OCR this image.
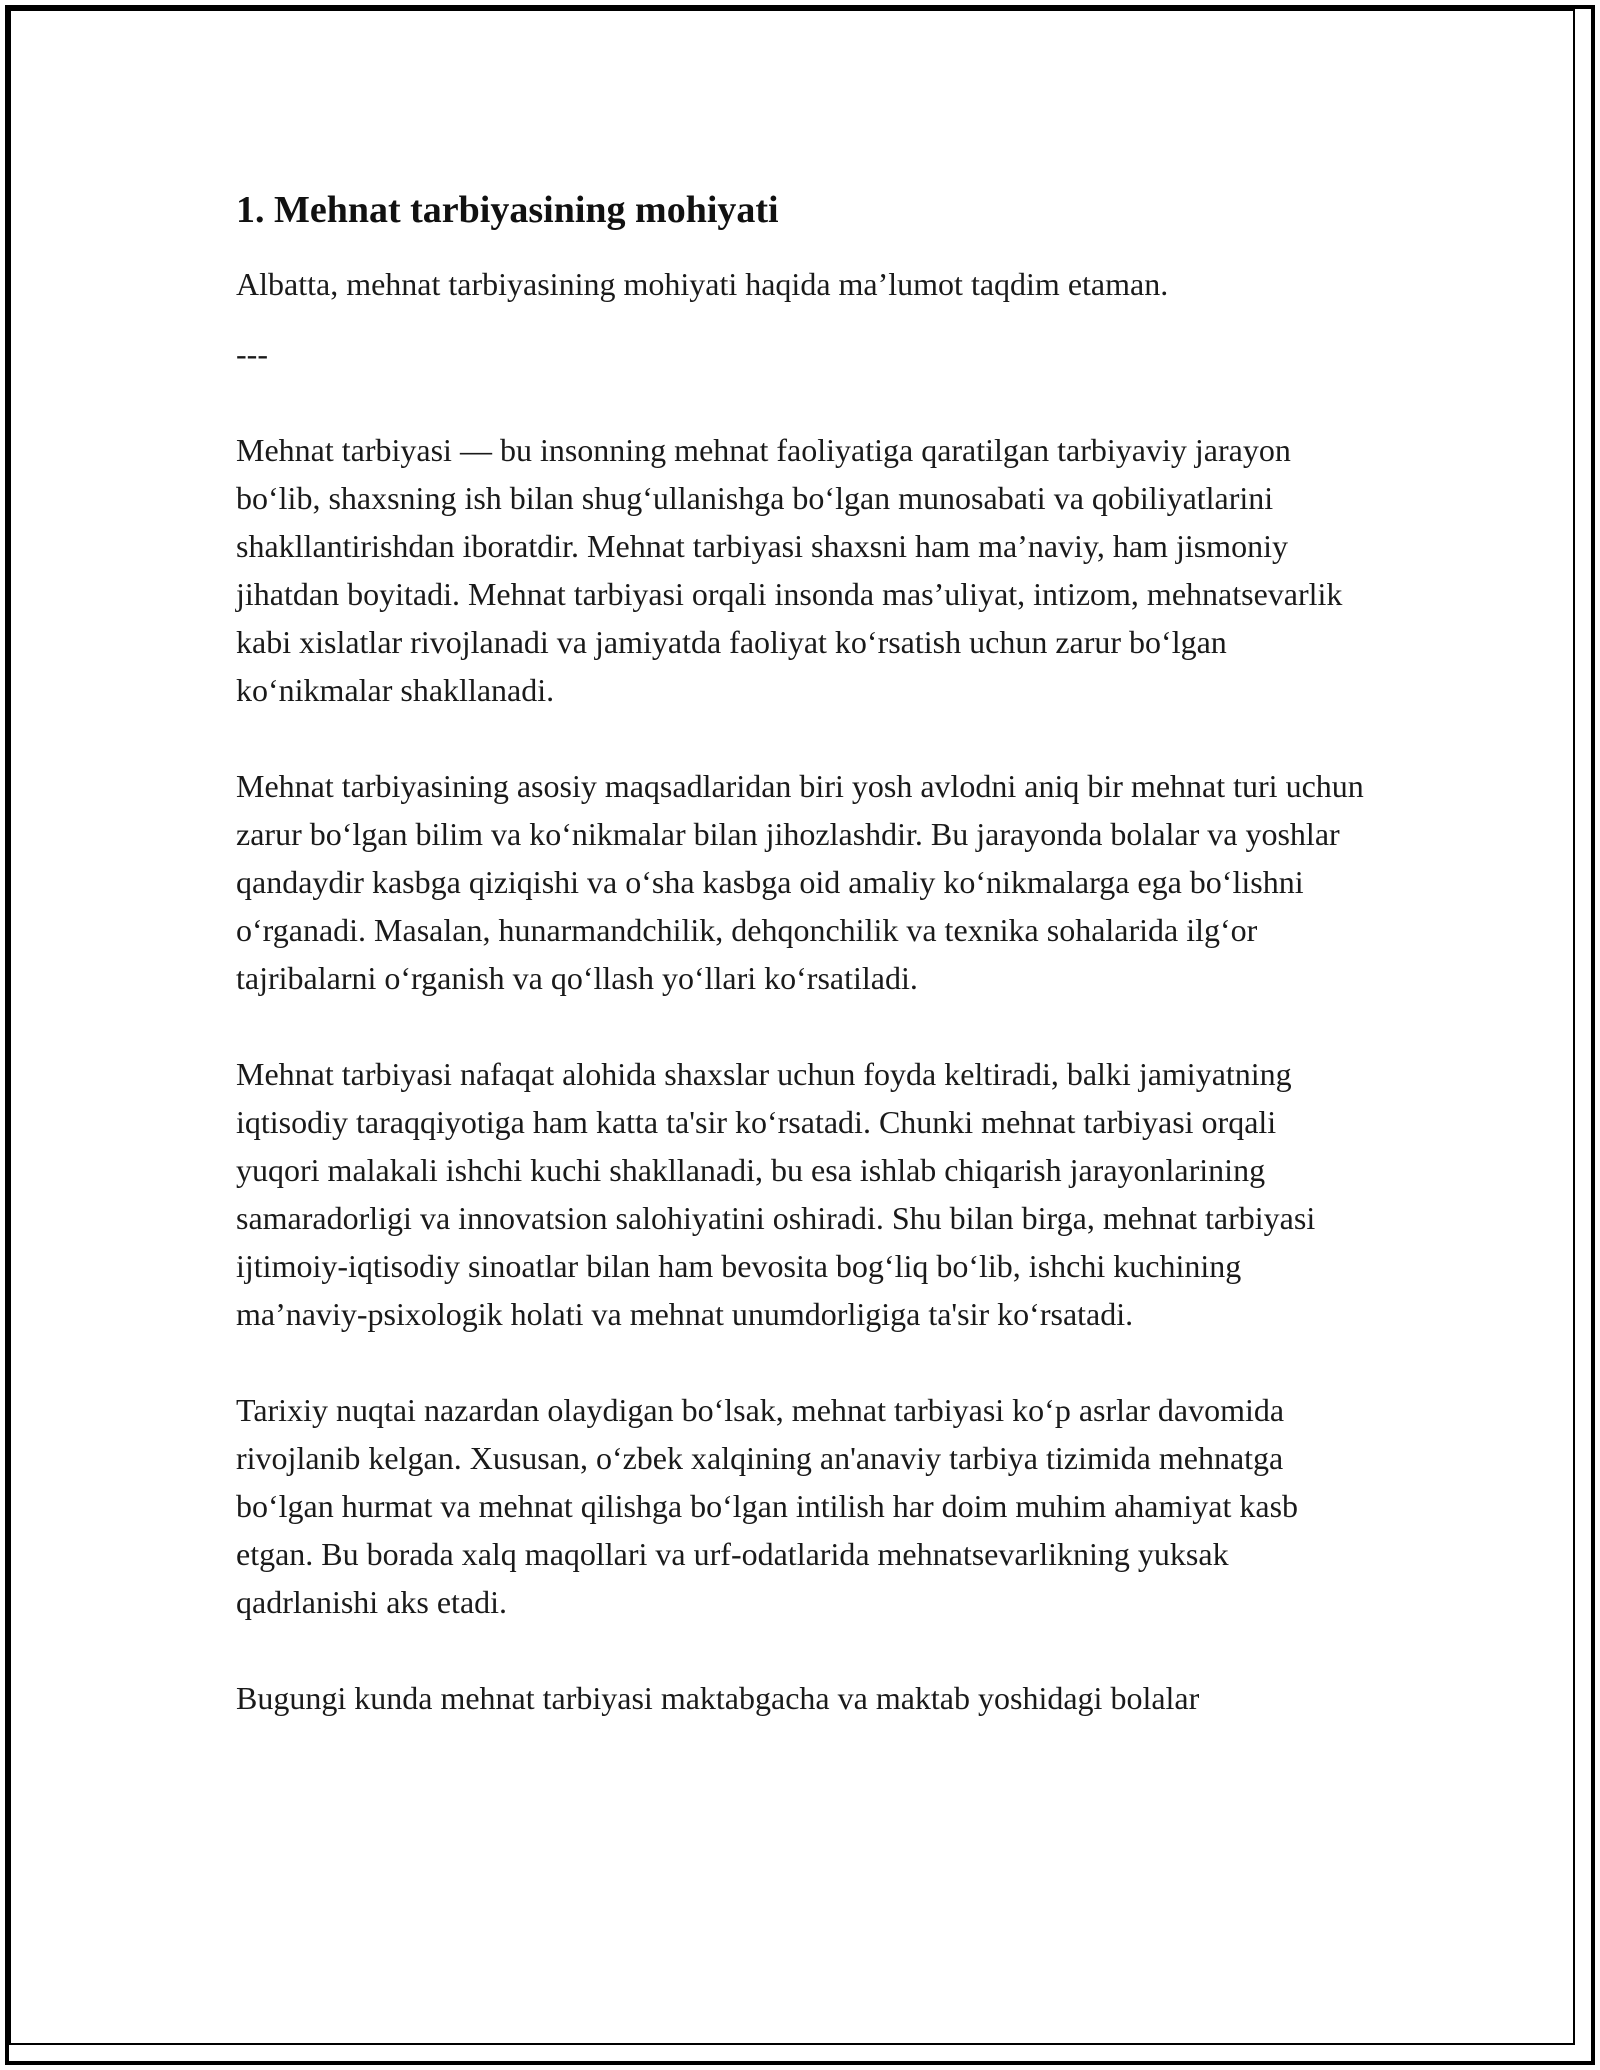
1. Mehnat tarbiyasining mohiyati

Albatta, mehnat tarbiyasining mohiyati haqida ma’lumot taqdim etaman.

---

Mehnat tarbiyasi — bu insonning mehnat faoliyatiga qaratilgan tarbiyaviy jarayon bo‘lib, shaxsning ish bilan shug‘ullanishga bo‘lgan munosabati va qobiliyatlarini shakllantirishdan iboratdir. Mehnat tarbiyasi shaxsni ham ma’naviy, ham jismoniy jihatdan boyitadi. Mehnat tarbiyasi orqali insonda mas’uliyat, intizom, mehnatsevarlik kabi xislatlar rivojlanadi va jamiyatda faoliyat ko‘rsatish uchun zarur bo‘lgan ko‘nikmalar shakllanadi.

Mehnat tarbiyasining asosiy maqsadlaridan biri yosh avlodni aniq bir mehnat turi uchun zarur bo‘lgan bilim va ko‘nikmalar bilan jihozlashdir. Bu jarayonda bolalar va yoshlar qandaydir kasbga qiziqishi va o‘sha kasbga oid amaliy ko‘nikmalarga ega bo‘lishni o‘rganadi. Masalan, hunarmandchilik, dehqonchilik va texnika sohalarida ilg‘or tajribalarni o‘rganish va qo‘llash yo‘llari ko‘rsatiladi.

Mehnat tarbiyasi nafaqat alohida shaxslar uchun foyda keltiradi, balki jamiyatning iqtisodiy taraqqiyotiga ham katta ta'sir ko‘rsatadi. Chunki mehnat tarbiyasi orqali yuqori malakali ishchi kuchi shakllanadi, bu esa ishlab chiqarish jarayonlarining samaradorligi va innovatsion salohiyatini oshiradi. Shu bilan birga, mehnat tarbiyasi ijtimoiy-iqtisodiy sinoatlar bilan ham bevosita bog‘liq bo‘lib, ishchi kuchining ma’naviy-psixologik holati va mehnat unumdorligiga ta'sir ko‘rsatadi.

Tarixiy nuqtai nazardan olaydigan bo‘lsak, mehnat tarbiyasi ko‘p asrlar davomida rivojlanib kelgan. Xususan, o‘zbek xalqining an'anaviy tarbiya tizimida mehnatga bo‘lgan hurmat va mehnat qilishga bo‘lgan intilish har doim muhim ahamiyat kasb etgan. Bu borada xalq maqollari va urf-odatlarida mehnatsevarlikning yuksak qadrlanishi aks etadi.

Bugungi kunda mehnat tarbiyasi maktabgacha va maktab yoshidagi bolalar
